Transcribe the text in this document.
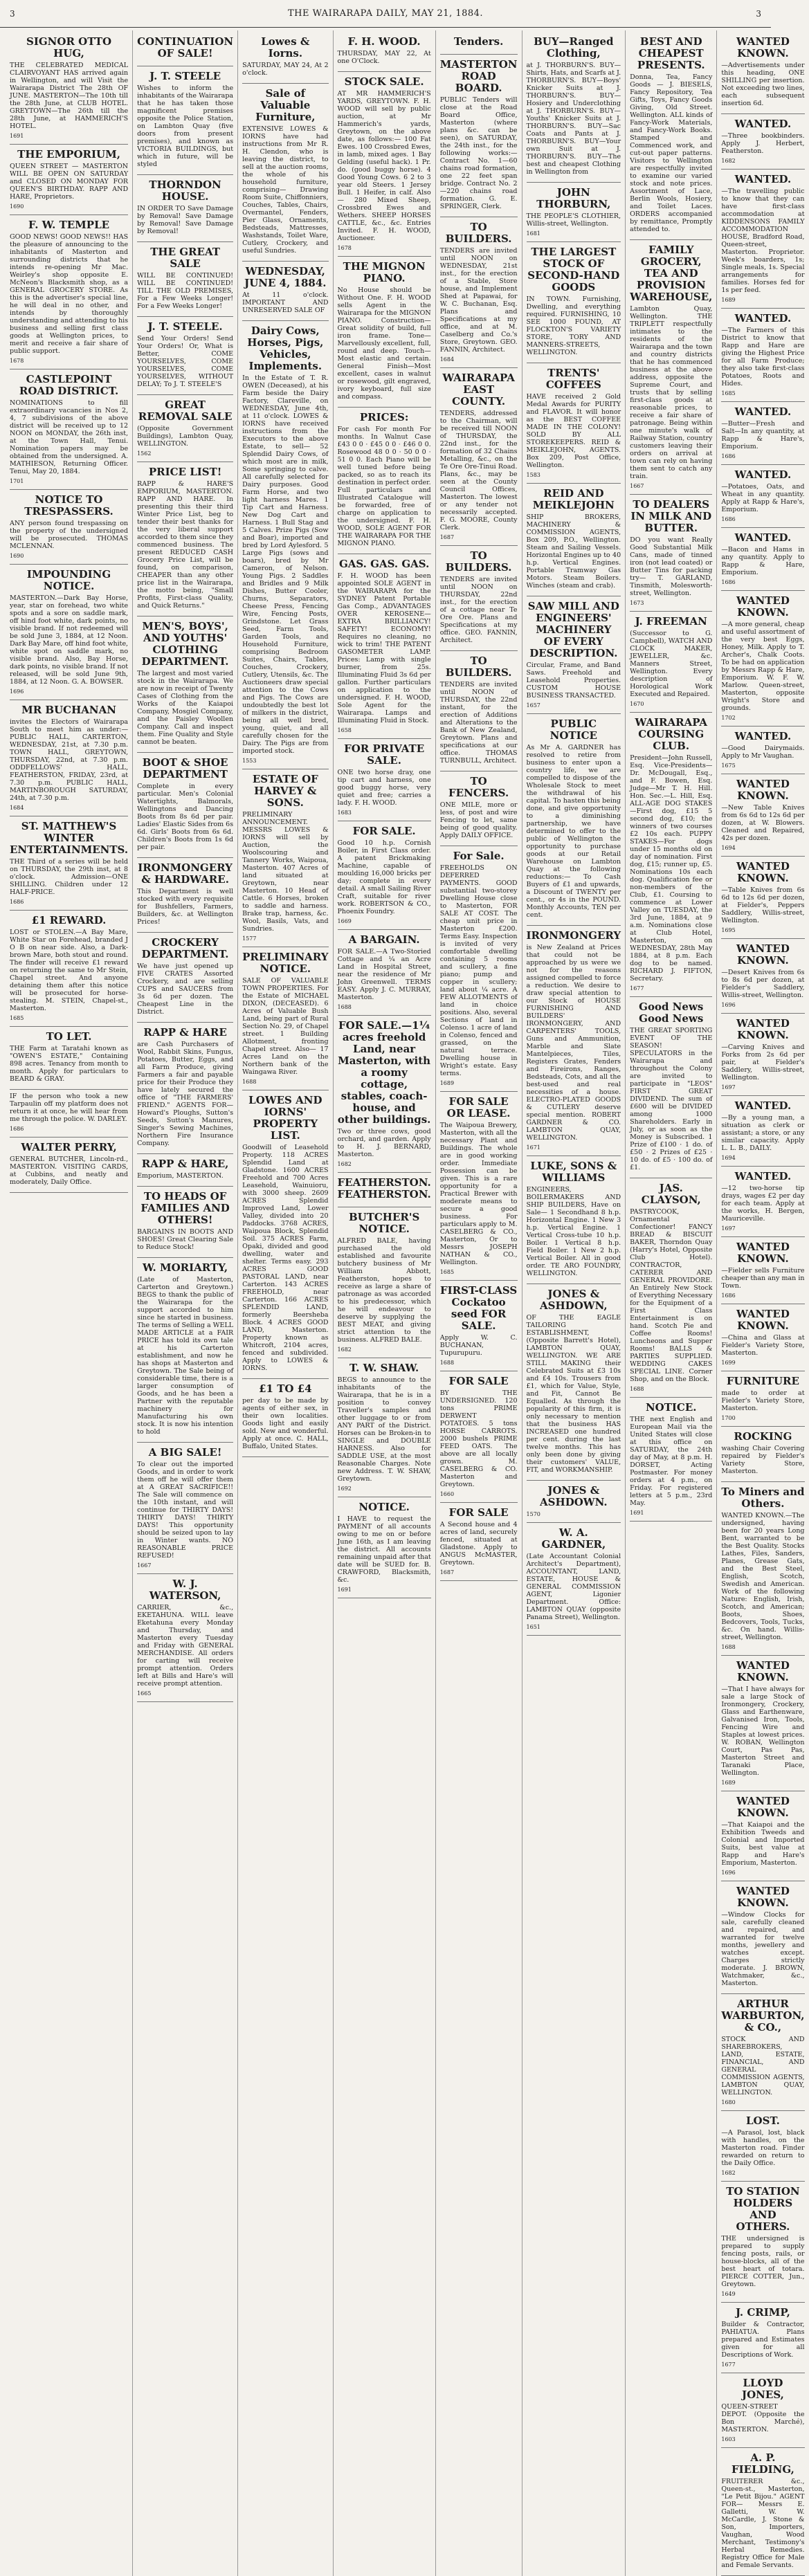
3	THE WAIRARAPA DAILY, MAY 21, 1884.	3
SIGNOR OTTO HUG,

THE CELEBRATED MEDICAL CLAIRVOYANT HAS arrived again in Wellington, and will Visit the Wairarapa District The 28th OF JUNE. MASTERTON—The 10th till the 28th June, at CLUB HOTEL. GREYTOWN—The 26th till the 28th June, at HAMMERICH'S HOTEL.

1691

THE EMPORIUM,

QUEEN STREET — MASTERTON WILL BE OPEN ON SATURDAY and CLOSED ON MONDAY FOR QUEEN'S BIRTHDAY. RAPP AND HARE, Proprietors.

1690

F. W. TEMPLE

GOOD NEWS! GOOD NEWS!! HAS the pleasure of announcing to the inhabitants of Masterton and surrounding districts that he intends re-opening Mr Mac. Weirley's shop opposite E. McNeon's Blacksmith shop, as a GENERAL GROCERY STORE. As this is the advertiser's special line, he will deal in no other, and intends by thoroughly understanding and attending to his business and selling first class goods at Wellington prices, to merit and receive a fair share of public support.

1678

CASTLEPOINT ROAD DISTRICT.

NOMINATIONS to fill extraordinary vacancies in Nos 2, 4, 7 subdivisions of the above district will be received up to 12 NOON on MONDAY, the 26th inst, at the Town Hall, Tenui. Nomination papers may be obtained from the undersigned. A. MATHIESON, Returning Officer. Tenui, May 20, 1884.

1701

NOTICE TO TRESPASSERS.

ANY person found trespassing on the property of the undersigned will be prosecuted. THOMAS MCLENNAN.

1690

IMPOUNDING NOTICE.

MASTERTON.—Dark Bay Horse, year, star on forehead, two white spots and a sore on saddle mark, off hind foot white, dark points, no visible brand. If not redeemed will be sold June 3, 1884, at 12 Noon. Dark Bay Mare, off hind foot white, white spot on saddle mark, no visible brand. Also, Bay Horse, dark points, no visible brand. If not released, will be sold June 9th, 1884, at 12 Noon. G. A. BOWSER.

1696

MR BUCHANAN

invites the Electors of Wairarapa South to meet him as under:— PUBLIC HALL, CARTERTON, WEDNESDAY, 21st, at 7.30 p.m. TOWN HALL, GREYTOWN, THURSDAY, 22nd, at 7.30 p.m. ODDFELLOWS' HALL, FEATHERSTON, FRIDAY, 23rd, at 7.30 p.m. PUBLIC HALL, MARTINBOROUGH SATURDAY, 24th, at 7.30 p.m.

1684

ST. MATTHEW'S WINTER ENTERTAINMENTS.

THE Third of a series will be held on THURSDAY, the 29th inst, at 8 o'clock. Admission—ONE SHILLING. Children under 12 HALF-PRICE.

1686

£1 REWARD.

LOST or STOLEN.—A Bay Mare, White Star on Forehead, branded J O B on near side. Also, a Dark-brown Mare, both stout and round. The finder will receive £1 reward on returning the same to Mr Stein, Chapel street. And anyone detaining them after this notice will be prosecuted for horse-stealing. M. STEIN, Chapel-st., Masterton.

1685

TO LET.

THE Farm at Taratahi known as "OWEN'S ESTATE," Containing 898 acres. Tenancy from month to month. Apply for particulars to BEARD & GRAY.

IF the person who took a new Tarpaulin off my platform does not return it at once, he will hear from me through the police. W. DARLEY.

1686

WALTER PERRY,

GENERAL BUTCHER, Lincoln-rd., MASTERTON. VISITING CARDS, at Cubbins, and neatly and moderately, Daily Office.

CONTINUATION OF SALE!
J. T. STEELE

Wishes to inform the inhabitants of the Wairarapa that he has taken those magnificent premises opposite the Police Station, on Lambton Quay (five doors from present premises), and known as VICTORIA BUILDINGS, but which in future, will be styled

THORNDON HOUSE.

IN ORDER TO Save Damage by Removal! Save Damage by Removal! Save Damage by Removal!

THE GREAT SALE

WILL BE CONTINUED! WILL BE CONTINUED! TILL THE OLD PREMISES, For a Few Weeks Longer! For a Few Weeks Longer!

J. T. STEELE.

Send Your Orders! Send Your Orders! Or, What is Better, COME YOURSELVES, COME YOURSELVES, COME YOURSELVES, WITHOUT DELAY; To J. T. STEELE'S

GREAT REMOVAL SALE

(Opposite Government Buildings), Lambton Quay, WELLINGTON.

1562

PRICE LIST!

RAPP & HARE'S EMPORIUM, MASTERTON. RAPP AND HARE. In presenting this their third Winter Price List, beg to tender their best thanks for the very liberal support accorded to them since they commenced business. The present REDUCED CASH Grocery Price List, will be found, on comparison, CHEAPER than any other price list in the Wairarapa, the motto being, "Small Profits, First-class Quality, and Quick Returns."

MEN'S, BOYS', AND YOUTHS' CLOTHING DEPARTMENT.

The largest and most varied stock in the Wairarapa. We are now in receipt of Twenty Cases of Clothing from the Works of the Kaiapoi Company, Mosgiel Company, and the Paisley Woollen Company. Call and inspect them. Fine Quality and Style cannot be beaten.

BOOT & SHOE DEPARTMENT

Complete in every particular. Men's Colonial Watertights, Balmorals, Wellingtons and Dancing Boots from 8s 6d per pair. Ladies' Elastic Sides from 6s 6d. Girls' Boots from 6s 6d. Children's Boots from 1s 6d per pair.

IRONMONGERY & HARDWARE.

This Department is well stocked with every requisite for Bushfellers, Farmers, Builders, &c. at Wellington Prices!

CROCKERY DEPARTMENT.

We have just opened up FIVE CRATES Assorted Crockery, and are selling CUPS and SAUCERS from 3s 6d per dozen. The Cheapest Line in the District.

RAPP & HARE

are Cash Purchasers of Wool, Rabbit Skins, Fungus, Potatoes, Butter, Eggs, and all Farm Produce, giving Farmers a fair and payable price for their Produce they have lately secured the office of "THE FARMERS' FRIEND." AGENTS FOR—Howard's Ploughs, Sutton's Seeds, Sutton's Manures, Singer's Sewing Machines, Northern Fire Insurance Company.

RAPP & HARE,

Emporium, MASTERTON.

TO HEADS OF FAMILIES AND OTHERS!

BARGAINS IN BOOTS AND SHOES! Great Clearing Sale to Reduce Stock!

W. MORIARTY,

(Late of Masterton, Carterton and Greytown.) BEGS to thank the public of the Wairarapa for the support accorded to him since he started in business. The terms of Selling a WELL MADE ARTICLE at a FAIR PRICE has told its own tale at his Carterton establishment, and now he has shops at Masterton and Greytown. The Sale being of considerable time, there is a larger consumption of Goods, and he has been a Partner with the reputable machinery for Manufacturing his own stock. It is now his intention to hold

A BIG SALE!

To clear out the imported Goods, and in order to work them off he will offer them at A GREAT SACRIFICE!! The Sale will commence on the 10th instant, and will continue for THIRTY DAYS! THIRTY DAYS! THIRTY DAYS! This opportunity should be seized upon to lay in Winter wants. NO REASONABLE PRICE REFUSED!

1667

W. J. WATERSON,

CARRIER, &c., EKETAHUNA. WILL leave Eketahuna every Monday and Thursday, and Masterton every Tuesday and Friday with GENERAL MERCHANDISE. All orders for carting will receive prompt attention. Orders left at Bills and Hare's will receive prompt attention.

1665

Lowes & Iorns.

SATURDAY, MAY 24, At 2 o'clock.

Sale of Valuable Furniture,

EXTENSIVE LOWES & IORNS have had instructions from Mr R. H. Clendon, who is leaving the district, to sell at the auction rooms, the whole of his household furniture, comprising— Drawing Room Suite, Chiffonniers, Couches, Tables, Chairs, Overmantel, Fenders, Pier Glass, Ornaments, Bedsteads, Mattresses, Washstands, Toilet Ware, Cutlery, Crockery, and useful Sundries.

WEDNESDAY, JUNE 4, 1884.

At 11 o'clock. IMPORTANT AND UNRESERVED SALE OF

Dairy Cows, Horses, Pigs, Vehicles, Implements.

In the Estate of T. R. OWEN (Deceased), at his Farm beside the Dairy Factory, Clareville, on WEDNESDAY, June 4th, at 11 o'clock. LOWES & IORNS have received instructions from the Executors to the above Estate, to sell— 52 Splendid Dairy Cows, of which most are in milk, Some springing to calve. All carefully selected for Dairy purposes. Good Farm Horse, and two light harness Mares. 1 Tip Cart and Harness. New Dog Cart and Harness. 1 Bull Stag and 5 Calves. Prize Pigs (Sow and Boar), imported and bred by Lord Aylesford. 5 Large Pigs (sows and boars), bred by Mr Cameron, of Nelson. Young Pigs. 2 Saddles and Bridles and 9 Milk Dishes, Butter Cooler, Churns, Separators, Cheese Press, Fencing Wire, Fencing Posts, Grindstone. Let Grass Seed, Farm Tools, Garden Tools, and Household Furniture, comprising Bedroom Suites, Chairs, Tables, Couches, Crockery, Cutlery, Utensils, &c. The Auctioneers draw special attention to the Cows and Pigs. The Cows are undoubtedly the best lot of milkers in the district, being all well bred, young, quiet, and all carefully chosen for the Dairy. The Pigs are from imported stock.

1553

ESTATE OF HARVEY & SONS.

PRELIMINARY ANNOUNCEMENT. MESSRS LOWES & IORNS will sell by Auction, the Woolscouring and Tannery Works, Waipoua, Masterton. 407 Acres of land situated at Greytown, near Masterton. 10 Head of Cattle. 6 Horses, broken to saddle and harness. Brake trap, harness, &c. Wool, Basils, Vats, and Sundries.

1577

PRELIMINARY NOTICE.

SALE OF VALUABLE TOWN PROPERTIES. For the Estate of MICHAEL DIXON, (DECEASED). 6 Acres of Valuable Bush Land, being part of Rural Section No. 29, of Chapel street. 1 Building Allotment, fronting Chapel street. Also— 17 Acres Land on the Northern bank of the Waingawa River.

1688

LOWES AND IORNS' PROPERTY LIST.

Goodwill of Leasehold Property. 118 ACRES Splendid Land at Gladstone. 1600 ACRES Freehold and 700 Acres Leasehold, Wainuioru, with 3000 sheep. 2609 ACRES Splendid Improved Land, Lower Valley, divided into 20 Paddocks. 3768 ACRES, Waipoua Block, Splendid Soil. 375 ACRES Farm, Opaki, divided and good dwelling, water and shelter. Terms easy. 293 ACRES GOOD PASTORAL LAND, near Carterton. 143 ACRES FREEHOLD, near Carterton. 166 ACRES SPLENDID LAND, formerly Beersheba Block. 4 ACRES GOOD LAND, Masterton. Property known as Whitcroft, 2104 acres, fenced and subdivided. Apply to LOWES & IORNS.

£1 TO £4

per day to be made by agents of either sex, in their own localities. Goods light and easily sold. New and wonderful. Apply at once. C. HALL, Buffalo, United States.

F. H. WOOD.

THURSDAY, MAY 22, At one O'Clock.

STOCK SALE.

AT MR HAMMERICH'S YARDS, GREYTOWN. F. H. WOOD will sell by public auction, at Mr Hammerich's yards, Greytown, on the above date, as follows:— 100 Fat Ewes. 100 Crossbred Ewes, in lamb, mixed ages. 1 Bay Gelding (useful hack). 1 Pr. do. (good buggy horse). 4 Good Young Cows. 6 2 to 3 year old Steers. 1 Jersey Bull. 1 Heifer, in calf. Also— 280 Mixed Sheep, Crossbred Ewes and Wethers. SHEEP HORSES CATTLE, &c., &c. Entries Invited. F. H. WOOD, Auctioneer.

1678

THE MIGNON PIANO.

No House should be Without One. F. H. WOOD sells Agent in the Wairarapa for the MIGNON PIANO. Construction—Great solidity of build, full iron frame. Tone—Marvellously excellent, full, round and deep. Touch—Most elastic and certain. General Finish—Most excellent, cases in walnut or rosewood, gilt engraved, ivory keyboard, full size and compass.

PRICES:

For cash For month For months. In Walnut Case £43 0 0 · £45 0 0 · £46 0 0. Rosewood 48 0 0 · 50 0 0 · 51 0 0. Each Piano will be well tuned before being packed, so as to reach its destination in perfect order. Full particulars and Illustrated Catalogue will be forwarded, free of charge on application to the undersigned. F. H. WOOD, SOLE AGENT FOR THE WAIRARAPA FOR THE MIGNON PIANO.

GAS. GAS. GAS.

F. H. WOOD has been appointed SOLE AGENT in the WAIRARAPA for the SYDNEY Patent Portable Gas Comp., ADVANTAGES OVER KEROSENE— EXTRA BRILLIANCY! SAFETY! ECONOMY! Requires no cleaning, no wick to trim! THE PATENT GASOMETER LAMP. Prices: Lamp with single burner, from 25s. Illuminating Fluid 3s 6d per gallon. Further particulars on application to the undersigned. F. H. WOOD, Sole Agent for the Wairarapa. Lamps and Illuminating Fluid in Stock.

1658

FOR PRIVATE SALE.

ONE two horse dray, one tip cart and harness, one good buggy horse, very quiet and free; carries a lady. F. H. WOOD.

1683

FOR SALE.

Good 10 h.p. Cornish Boiler, in First Class order. A patent Brickmaking Machine, capable of moulding 16,000 bricks per day; complete in every detail. A small Sailing River Craft, suitable for river work. ROBERTSON & CO., Phoenix Foundry.

1669

A BARGAIN.

FOR SALE.—A Two-Storied Cottage and ¼ an Acre Land in Hospital Street, near the residence of Mr John Greenwell. TERMS EASY. Apply J. C. MURRAY, Masterton.

1688

FOR SALE.—1¼ acres freehold Land, near Masterton, with a roomy cottage, stables, coach-house, and other buildings.

Two or three cows, good orchard, and garden. Apply to H. J. BERNARD, Masterton.

1682

FEATHERSTON. FEATHERSTON.
BUTCHER'S NOTICE.

ALFRED BALE, having purchased the old established and favourite butchery business of Mr William Abbott, Featherston, hopes to receive as large a share of patronage as was accorded to his predecessor, which he will endeavour to deserve by supplying the BEST MEAT, and giving strict attention to the business. ALFRED BALE.

1682

T. W. SHAW.

BEGS to announce to the inhabitants of the Wairarapa, that he is in a position to convey Traveller's samples and other luggage to or from ANY PART of the District. Horses can be Broken-in to SINGLE and DOUBLE HARNESS. Also for SADDLE USE, at the most Reasonable Charges. Note new Address. T. W. SHAW, Greytown.

1692

NOTICE.

I HAVE to request the PAYMENT of all accounts owing to me on or before June 16th, as I am leaving the district. All accounts remaining unpaid after that date will be SUED for. B. CRAWFORD, Blacksmith, &c.

1691

Tenders.
MASTERTON ROAD BOARD.

PUBLIC Tenders will close at the Road Board Office, Masterton (where plans &c. can be seen), on SATURDAY, the 24th inst., for the following works:— Contract No. 1—60 chains road formation, one 22 feet span bridge. Contract No. 2—220 chains road formation. G. E. SPRINGER, Clerk.

TO BUILDERS.

TENDERS are invited until NOON on WEDNESDAY, 21st inst., for the erection of a Stable, Store house, and Implement Shed at Papawai, for W. C. Buchanan, Esq. Plans and Specifications at my office, and at M. Caselberg and Co.'s Store, Greytown. GEO. FANNIN, Architect.

1684

WAIRARAPA EAST COUNTY.

TENDERS, addressed to the Chairman, will be received till NOON of THURSDAY, the 22nd inst., for the formation of 32 Chains Metalling, &c., on the Te Ore Ore-Tinui Road. Plans, &c., may be seen at the County Council Offices, Masterton. The lowest or any tender not necessarily accepted. F. G. MOORE, County Clerk.

1687

TO BUILDERS.

TENDERS are invited until NOON on THURSDAY, 22nd inst., for the erection of a cottage near Te Ore Ore. Plans and Specifications at my office. GEO. FANNIN, Architect.

TO BUILDERS.

TENDERS are invited until NOON of THURSDAY, the 22nd instant, for the erection of Additions and Alterations to the Bank of New Zealand, Greytown. Plans and specifications at our office. THOMAS TURNBULL, Architect.

TO FENCERS.

ONE MILE, more or less, of post and wire Fencing to let, same being of good quality. Apply DAILY OFFICE.

For Sale.

FREEHOLDS ON DEFERRED PAYMENTS. GOOD substantial two-storey Dwelling House close to Masterton, FOR SALE AT COST. The cheap unit price in Masterton £200. Terms Easy. Inspection is invited of very comfortable dwelling containing 5 rooms and scullery, a fine piano; pump and copper in scullery; land about ¼ acre. A FEW ALLOTMENTS of land in choice positions. Also, several Sections of land in Colenso. 1 acre of land in Colenso, fenced and grassed, on the natural terrace. Dwelling house in Wright's estate. Easy terms.

1689

FOR SALE OR LEASE.

The Waipoua Brewery, Masterton, with all the necessary Plant and Buildings. The whole are in good working order. Immediate Possession can be given. This is a rare opportunity for a Practical Brewer with moderate means to secure a good business. For particulars apply to M. CASELBERG & CO., Masterton, Or to Messrs JOSEPH NATHAN & CO., Wellington.

1685

FIRST-CLASS Cockatoo seed FOR SALE.

Apply W. C. BUCHANAN, Tupurupuru.

1688

FOR SALE

BY THE UNDERSIGNED. 120 tons PRIME DERWENT POTATOES. 5 tons HORSE CARROTS. 2000 bushels PRIME FEED OATS. The above are all locally grown. M. CASELBERG & CO. Masterton and Greytown.

1660

FOR SALE

A Second house and 4 acres of land, securely fenced, situated at Gladstone. Apply to ANGUS McMASTER, Greytown.

1687

BUY—Ranged Clothing,

at J. THORBURN'S. BUY—Shirts, Hats, and Scarfs at J. THORBURN'S. BUY—Boys' Knicker Suits at J. THORBURN'S. BUY—Hosiery and Underclothing at J. THORBURN'S. BUY—Youths' Knicker Suits at J. THORBURN'S. BUY—Sac Coats and Pants at J. THORBURN'S. BUY—Your own Suit at J. THORBURN'S. BUY—The best and cheapest Clothing in Wellington from

JOHN THORBURN,

THE PEOPLE'S CLOTHIER, Willis-street, Wellington.

1681

THE LARGEST STOCK OF SECOND-HAND GOODS

IN TOWN. Furnishing, Dwelling, and everything required. FURNISHING, 10 SEE 1000 FOUND, AT FLOCKTON'S VARIETY STORE, TORY AND MANNERS-STREETS, WELLINGTON.

TRENTS' COFFEES

HAVE received 2 Gold Medal Awards for PURITY and FLAVOR. It will honor as the BEST COFFEE MADE IN THE COLONY! SOLD BY ALL STOREKEEPERS. REID & MEIKLEJOHN, AGENTS. Box 209, Post Office, Wellington.

1583

REID AND MEIKLEJOHN

SHIP BROKERS, MACHINERY & COMMISSION AGENTS, Box 209, P.O., Wellington. Steam and Sailing Vessels. Horizontal Engines up to 40 h.p. Vertical Engines. Portable Tramway Gas Motors. Steam Boilers. Winches (steam and crab).

SAW MILL AND ENGINEERS' MACHINERY OF EVERY DESCRIPTION.

Circular, Frame, and Band Saws. Freehold and Leasehold Properties. CUSTOM HOUSE BUSINESS TRANSACTED.

1657

PUBLIC NOTICE

As Mr A. GARDNER has resolved to retire from business to enter upon a country life, we are compelled to dispose of the Wholesale Stock to meet the withdrawal of his capital. To hasten this being done, and give opportunity to a diminishing partnership, we have determined to offer to the public of Wellington the opportunity to purchase goods at our Retail Warehouse on Lambton Quay at the following reductions:— To Cash Buyers of £1 and upwards, a Discount of TWENTY per cent., or 4s in the POUND. Monthly Accounts, TEN per cent.

IRONMONGERY

is New Zealand at Prices that could not be approached by us were we not for the reasons assigned compelled to force a reduction. We desire to draw special attention to our Stock of HOUSE FURNISHING AND BUILDERS' IRONMONGERY, AND CARPENTERS' TOOLS, Guns and Ammunition, Marble and Slate Mantelpieces, Tiles, Registers Grates, Fenders and Fireirons, Ranges, Bedsteads, Cots, and all the best-used and real necessities of a house. ELECTRO-PLATED GOODS & CUTLERY deserve special mention. ROBERT GARDNER & CO. LAMBTON QUAY, WELLINGTON.

1671

LUKE, SONS & WILLIAMS

ENGINEERS, BOILERMAKERS AND SHIP BUILDERS, Have on Sale— 1 Secondhand 8 h.p. Horizontal Engine. 1 New 3 h.p. Vertical Engine. 1 Vertical Cross-tube 10 h.p. Boiler. 1 Vertical 8 h.p. Field Boiler. 1 New 2 h.p. Vertical Boiler. All in good order. TE ARO FOUNDRY, WELLINGTON.

JONES & ASHDOWN,

OF THE EAGLE TAILORING ESTABLISHMENT, (Opposite Barrett's Hotel), LAMBTON QUAY, WELLINGTON. WE ARE STILL MAKING their Celebrated Suits at £3 10s and £4 10s. Trousers from £1, which for Value, Style, and Fit, Cannot Be Equalled. As through the popularity of this firm, it is only necessary to mention that the business HAS INCREASED one hundred per cent. during the last twelve months. This has only been done by giving their customers' VALUE, FIT, and WORKMANSHIP.

JONES & ASHDOWN.

1570

W. A. GARDNER,

(Late Accountant Colonial Architect's Department), ACCOUNTANT, LAND, ESTATE, HOUSE & GENERAL COMMISSION AGENT, Ligonier Department. Office: LAMBTON QUAY (opposite Panama Street), Wellington.

1651

BEST AND CHEAPEST PRESENTS.

Donna, Tea, Fancy Goods — J. BIESELS, Fancy Repository, Tea Gifts, Toys, Fancy Goods Giving, Old Street. Wellington. ALL kinds of Fancy-Work Materials, and Fancy-Work Books. Stamped and Commenced work, and cut-out paper patterns. Visitors to Wellington are respectfully invited to examine our varied stock and note prices. Assortment of Lace, Berlin Wools, Hosiery, and Toilet Laces. ORDERS accompanied by remittance, Promptly attended to.

FAMILY GROCERY, TEA AND PROVISION WAREHOUSE,

Lambton Quay, Wellington. THE TRIPLETT respectfully intimates to the residents of the Wairarapa and the town and country districts that he has commenced business at the above address, opposite the Supreme Court, and trusts that by selling first-class goods at reasonable prices, to receive a fair share of patronage. Being within one minute's walk of Railway Station, country customers leaving their orders on arrival at town can rely on having them sent to catch any train.

1667

TO DEALERS IN MILK AND BUTTER.

DO you want Really Good Substantial Milk Cans, made of tinned iron (not lead coated) or Butter Tins for packing try— T. GARLAND, Tinsmith, Molesworth-street, Wellington.

1673

J. FREEMAN

(Successor to G. Campbell), WATCH AND CLOCK MAKER, JEWELLER, &c. Manners Street, Wellington. Every description of Horological Work Executed and Repaired.

1670

WAIRARAPA COURSING CLUB.

President—John Russell, Esq. Vice-Presidents—Dr. McDougall, Esq., and F. Bowen, Esq. Judge—Mr T. H. Hill. Hon. Sec.—L. Hill, Esq. ALL-AGE DOG STAKES—First dog, £15 5 second dog, £10; the winners of two courses £2 10s each. PUPPY STAKES—For dogs under 15 months old on day of nomination. First dog, £15; runner up, £5. Nominations 10s each dog. Qualification fee or non-members of the Club, £1. Coursing to commence at Lower Valley on TUESDAY, the 3rd June, 1884, at 9 a.m. Nominations close at Club Hotel, Masterton, on WEDNESDAY, 28th May 1884, at 8 p.m. Each dog to be named. RICHARD J. FIFTON, Secretary.

1677

Good News Good News

THE GREAT SPORTING EVENT OF THE SEASON! SPECULATORS in the Wairarapa and throughout the Colony are invited to participate in "LEOS" FIRST GREAT DIVIDEND. The sum of £600 will be DIVIDED among 1000 Shareholders. Early in July, or as soon as the Money is Subscribed. 1 Prize of £100 · 1 do. of £50 · 2 Prizes of £25 · 10 do. of £5 · 100 do. of £1.

JAS. CLAYSON,

PASTRYCOOK, Ornamental Confectioner! FANCY BREAD & BISCUIT BAKER, Thorndon Quay (Harry's Hotel, Opposite Club Hotel). CONTRACTOR, CATERER AND GENERAL PROVIDORE. An Entirely New Stock of Everything Necessary for the Equipment of a First Class Entertainment is on hand. Scotch Pie and Coffee Rooms! Luncheons and Supper Rooms! BALLS & PARTIES SUPPLIED. WEDDING CAKES SPECIAL LINE. Corner Shop, and on the Block.

1688

NOTICE.

THE next English and European Mail via the United States will close at this office on SATURDAY, the 24th day of May, at 8 p.m. H. DORSET, Acting Postmaster. For money orders at 4 p.m., on Friday. For registered letters at 5 p.m., 23rd May.

1691

WANTED KNOWN.

—Advertisements under this heading, ONE SHILLING per insertion. Not exceeding two lines, each subsequent insertion 6d.

WANTED.

—Three bookbinders. Apply J. Herbert, Featherston.

1682

WANTED.

—The travelling public to know that they can have first-class accommodation at KIDDENSONS FAMILY ACCOMMODATION HOUSE, Bradford Road, Queen-street, Masterton. Proprietor. Week's boarders, 1s; Single meals, 1s. Special arrangements for families. Horses fed for 1s per feed.

1689

WANTED.

—The Farmers of this District to know that Rapp and Hare are giving the Highest Price for all Farm Produce; they also take first-class Potatoes, Roots and Hides.

1685

WANTED.

—Butter—Fresh and Salt—In any quantity, at Rapp & Hare's, Emporium.

1686

WANTED.

—Potatoes, Oats, and Wheat in any quantity. Apply at Rapp & Hare's, Emporium.

1686

WANTED.

—Bacon and Hams in any quantity. Apply to Rapp & Hare, Emporium.

1686

WANTED KNOWN.

—A more general, cheap and useful assortment of the very best Eggs, Honey, Milk. Apply to T. Archer's, Chalk Coots. To be had on application by Messrs Rapp & Hare, Emporium. W. F. W. Marlow. Queen-street, Masterton, opposite Wright's Store and grounds.

1702

WANTED.

—Good Dairymaids. Apply to Mr Vaughan.

1675

WANTED KNOWN.

—New Table Knives from 6s 6d to 12s 6d per dozen, at W. Blowers. Cleaned and Repaired, 42s per dozen.

1694

WANTED KNOWN.

—Table Knives from 6s 6d to 12s 6d per dozen, at Fielder's, Peppers Saddlery, Willis-street, Wellington.

1695

WANTED KNOWN.

—Desert Knives from 6s to 8s 6d per dozen, at Fielder's Saddlery, Willis-street, Wellington.

1696

WANTED KNOWN.

—Carving Knives and Forks from 2s 6d per pair, at Fielder's Saddlery, Willis-street, Wellington.

1697

WANTED.

—By a young man, a situation as clerk or assistant; a store, or any similar capacity. Apply L. L. B., DAILY.

1694

WANTED.

—12 two-horse tip drays, wages £2 per day for each team. Apply at the works, H. Bergen, Mauriceville.

1697

WANTED KNOWN.

—Fielder sells Furniture cheaper than any man in Town.

1686

WANTED KNOWN.

—China and Glass at Fielder's Variety Store, Masterton.

1699

FURNITURE

made to order at Fielder's Variety Store, Masterton.

1700

ROCKING

washing Chair Covering repaired by Fielder's Variety Store, Masterton.

To Miners and Others.

WANTED KNOWN.—The undersigned, having been for 20 years Long Bent, warranted to be the Best Quality. Stocks Lathes, Files, Sanders, Planes, Grease Gats, and the Best Steel, English, Scotch, Swedish and American. Work of the following Nature: English, Irish, Scotch, and American; Boots, Shoes, Bedcovers, Tools, Tucks, &c. On hand. Willis-street, Wellington.

1688

WANTED KNOWN.

—That I have always for sale a large Stock of Ironmongery, Crockery, Glass and Earthenware, Galvanised Iron, Tools, Fencing Wire and Staples at lowest prices. W. ROBAN, Wellington Court, Pas Pas, Masterton Street and Taranaki Place, Wellington.

1689

WANTED KNOWN.

—That Kaiapoi and the Exhibition Tweeds and Colonial and Imported Suits, best value at Rapp and Hare's Emporium, Masterton.

1696

WANTED KNOWN.

—Window Clocks for sale, carefully cleaned and repaired, and warranted for twelve months, jewellery and watches except. Charges strictly moderate. J. BROWN, Watchmaker, &c., Masterton.

ARTHUR WARBURTON, & CO.,

STOCK AND SHAREBROKERS, LAND, ESTATE, FINANCIAL, AND GENERAL COMMISSION AGENTS, LAMBTON QUAY, WELLINGTON.

1680

LOST.

—A Parasol, lost, black with handles, on the Masterton road. Finder rewarded on return to the Daily Office.

1682

TO STATION HOLDERS AND OTHERS.

THE undersigned is prepared to supply fencing posts, rails, or house-blocks, all of the best heart of totara. PIERCE COTTER, Jun., Greytown.

1649

J. CRIMP,

Builder & Contractor, PAHIATUA. Plans prepared and Estimates given for all Descriptions of Work.

1677

LLOYD JONES,

QUEEN-STREET DEPOT. (Opposite the Bon Marché), MASTERTON.

1603

A. P. FIELDING,

FRUITERER &c., Queen-st., Masterton, "Le Petit Bijou." AGENT FOR— Messrs E. Galletti, W. W. McCardle, J. Stone & Son, Importers, Vaughan, Wood Merchant, Testimony's Herbal Remedies. Registry Office for Male and Female Servants.
